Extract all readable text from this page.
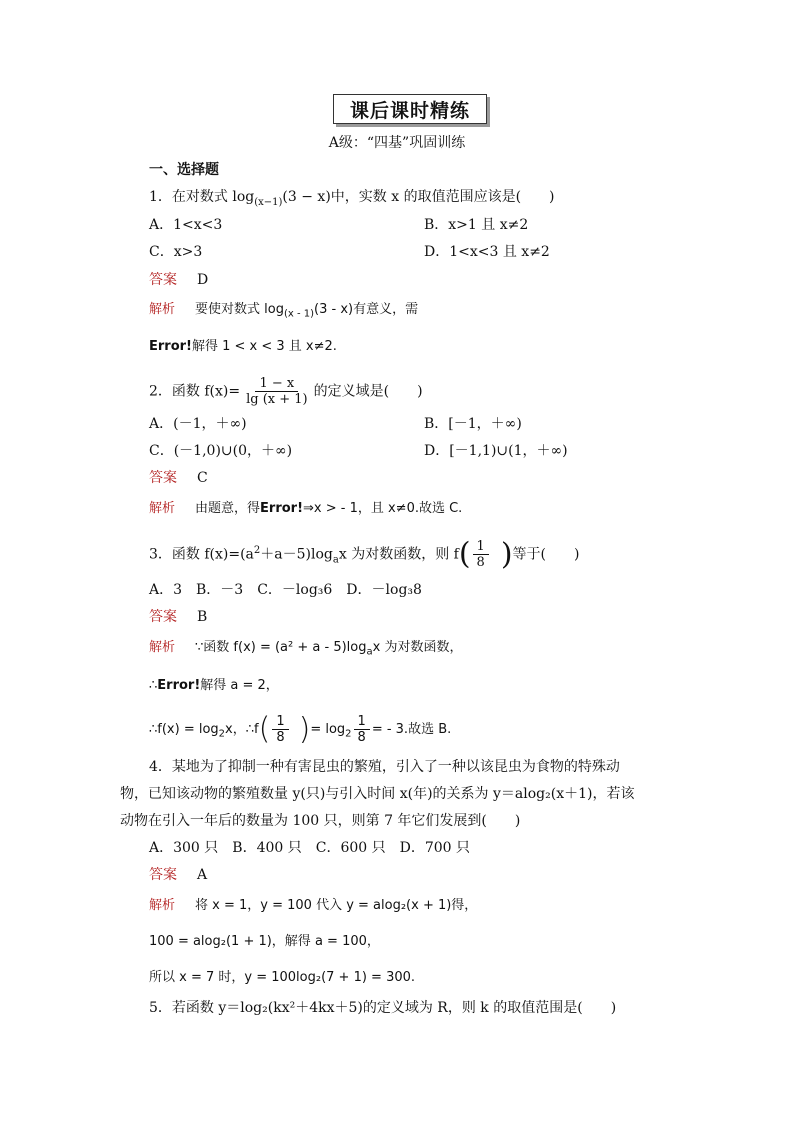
课后课时精练
A级：“四基”巩固训练
一、选择题
1．在对数式 $\log_{(x-1)}(3 - x)$中，实数 x 的取值范围应该是(　　)
A．1<x<3	B．x>1 且 x≠2
C．x>3	D．1<x<3 且 x≠2
答案 D
解析 要使对数式 $\log_{(x - 1)}(3 - x)$有意义，需
Error!解得 1 < x < 3 且 x≠2.
2．函数 $f(x)= \frac{1 - x}{\lg (x + 1)}$ 的定义域是(　　)
A．(－1，＋∞)	B．[－1，＋∞)
C．(－1,0)∪(0，＋∞)	D．[－1,1)∪(1，＋∞)
答案 C
解析 由题意，得Error!⇒x > - 1，且 x≠0.故选 C.
3．函数 $f(x)=(a^2+a-5)\log_ax$ 为对数函数，则 $f( \frac{1}{8}$ )等于(　　)
A．3　B．－3　C．－log₃6　D．－log₃8
答案 B
解析 ∵函数 $f(x) = (a^2 + a - 5)\log_ax$ 为对数函数，
∴Error!解得 a = 2，
∴f(x) = $\log_2x$，∴f( $\frac{1}{8}$ )= $\log_2 \frac{1}{8}$ = - 3.故选 B.
4．某地为了抑制一种有害昆虫的繁殖，引入了一种以该昆虫为食物的特殊动
物，已知该动物的繁殖数量 y(只)与引入时间 x(年)的关系为 y＝alog₂(x＋1)，若该
动物在引入一年后的数量为 100 只，则第 7 年它们发展到(　　)
A．300 只　B．400 只　C．600 只　D．700 只
答案 A
解析 将 x = 1，y = 100 代入 y = alog₂(x + 1)得，
100 = alog₂(1 + 1)，解得 a = 100，
所以 x = 7 时，y = 100log₂(7 + 1) = 300.
5．若函数 y＝log₂(kx²＋4kx＋5)的定义域为 R，则 k 的取值范围是(　　)
